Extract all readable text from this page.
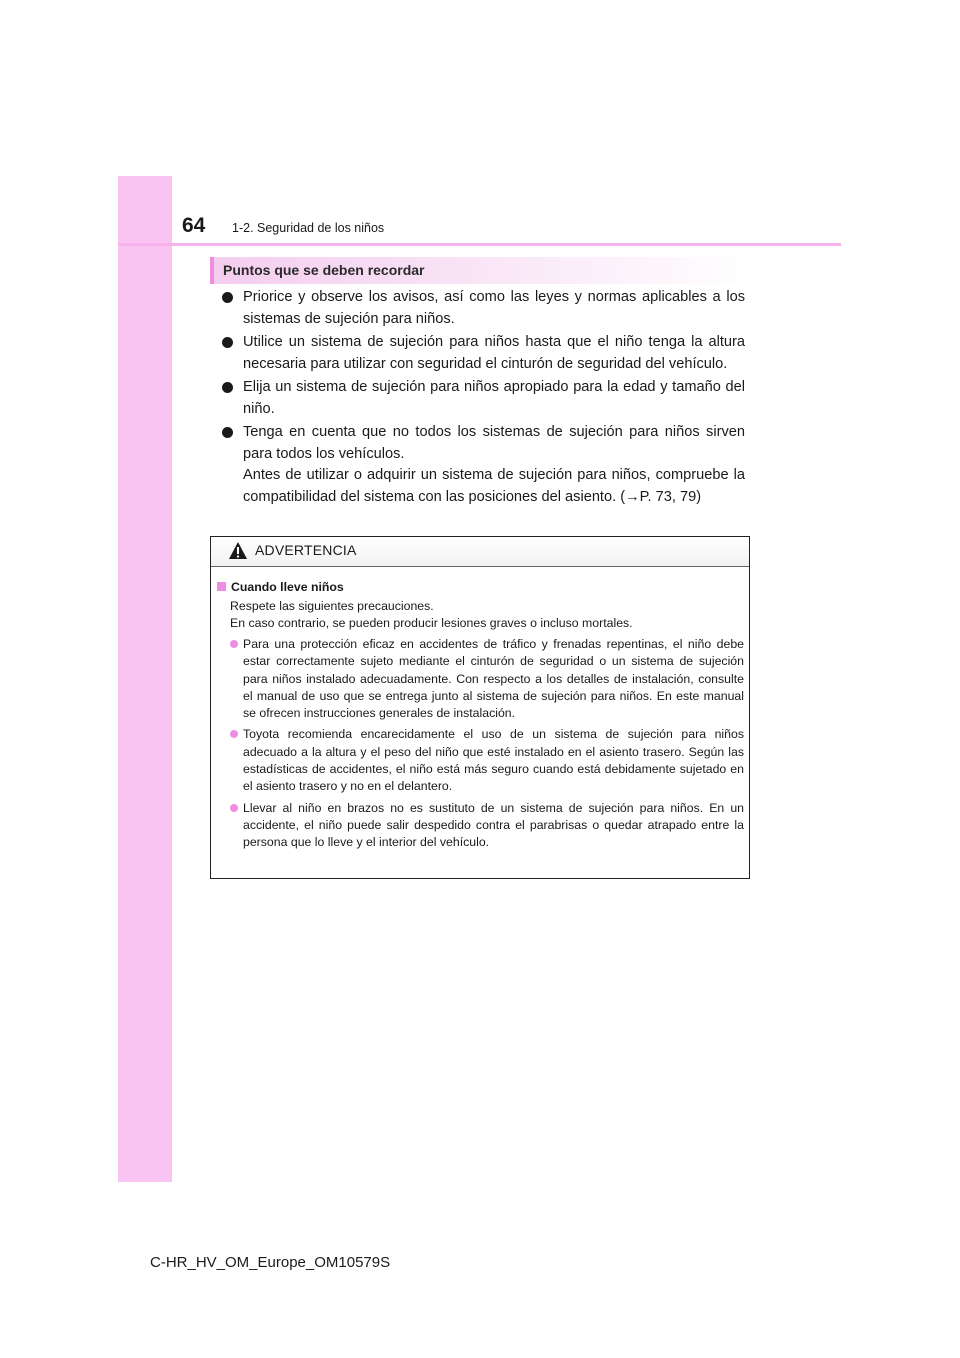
64 1-2. Seguridad de los niños
Puntos que se deben recordar

Priorice y observe los avisos, así como las leyes y normas aplicables a los sistemas de sujeción para niños.

Utilice un sistema de sujeción para niños hasta que el niño tenga la altura necesaria para utilizar con seguridad el cinturón de seguridad del vehículo.

Elija un sistema de sujeción para niños apropiado para la edad y tamaño del niño.

Tenga en cuenta que no todos los sistemas de sujeción para niños sirven para todos los vehículos.

Antes de utilizar o adquirir un sistema de sujeción para niños, compruebe la compatibilidad del sistema con las posiciones del asiento. (→P. 73, 79)

ADVERTENCIA
Cuando lleve niños

Respete las siguientes precauciones.

En caso contrario, se pueden producir lesiones graves o incluso mortales.

Para una protección eficaz en accidentes de tráfico y frenadas repentinas, el niño debe estar correctamente sujeto mediante el cinturón de seguridad o un sistema de sujeción para niños instalado adecuadamente. Con respecto a los detalles de instalación, consulte el manual de uso que se entrega junto al sistema de sujeción para niños. En este manual se ofrecen instrucciones generales de instalación.
Toyota recomienda encarecidamente el uso de un sistema de sujeción para niños adecuado a la altura y el peso del niño que esté instalado en el asiento trasero. Según las estadísticas de accidentes, el niño está más seguro cuando está debidamente sujetado en el asiento trasero y no en el delantero.
Llevar al niño en brazos no es sustituto de un sistema de sujeción para niños. En un accidente, el niño puede salir despedido contra el parabrisas o quedar atrapado entre la persona que lo lleve y el interior del vehículo.
C-HR_HV_OM_Europe_OM10579S
